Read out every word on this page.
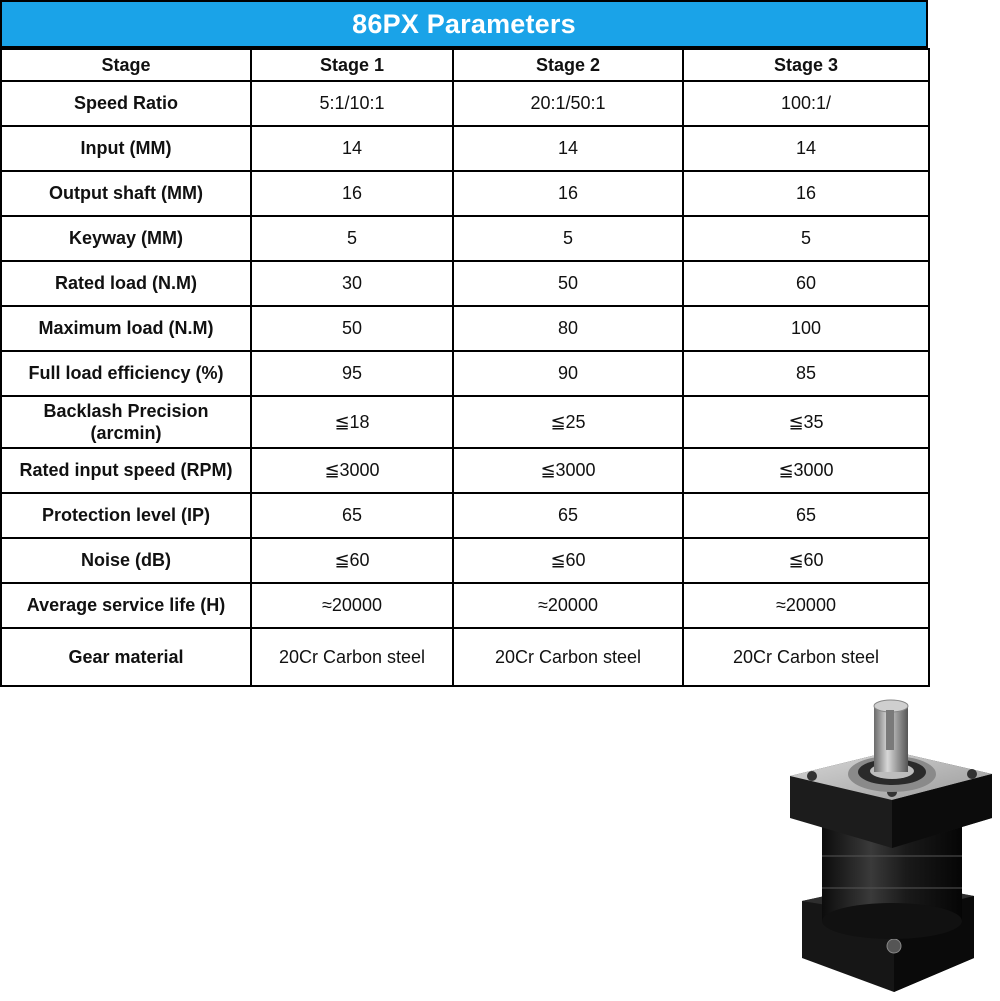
86PX Parameters
Stage	Stage 1	Stage 2	Stage 3
Speed Ratio	5:1/10:1	20:1/50:1	100:1/
Input (MM)	14	14	14
Output shaft (MM)	16	16	16
Keyway (MM)	5	5	5
Rated load (N.M)	30	50	60
Maximum load (N.M)	50	80	100
Full load efficiency (%)	95	90	85
Backlash Precision (arcmin)	≦18	≦25	≦35
Rated input speed (RPM)	≦3000	≦3000	≦3000
Protection level (IP)	65	65	65
Noise (dB)	≦60	≦60	≦60
Average service life (H)	≈20000	≈20000	≈20000
Gear material	20Cr Carbon steel	20Cr Carbon steel	20Cr Carbon steel
